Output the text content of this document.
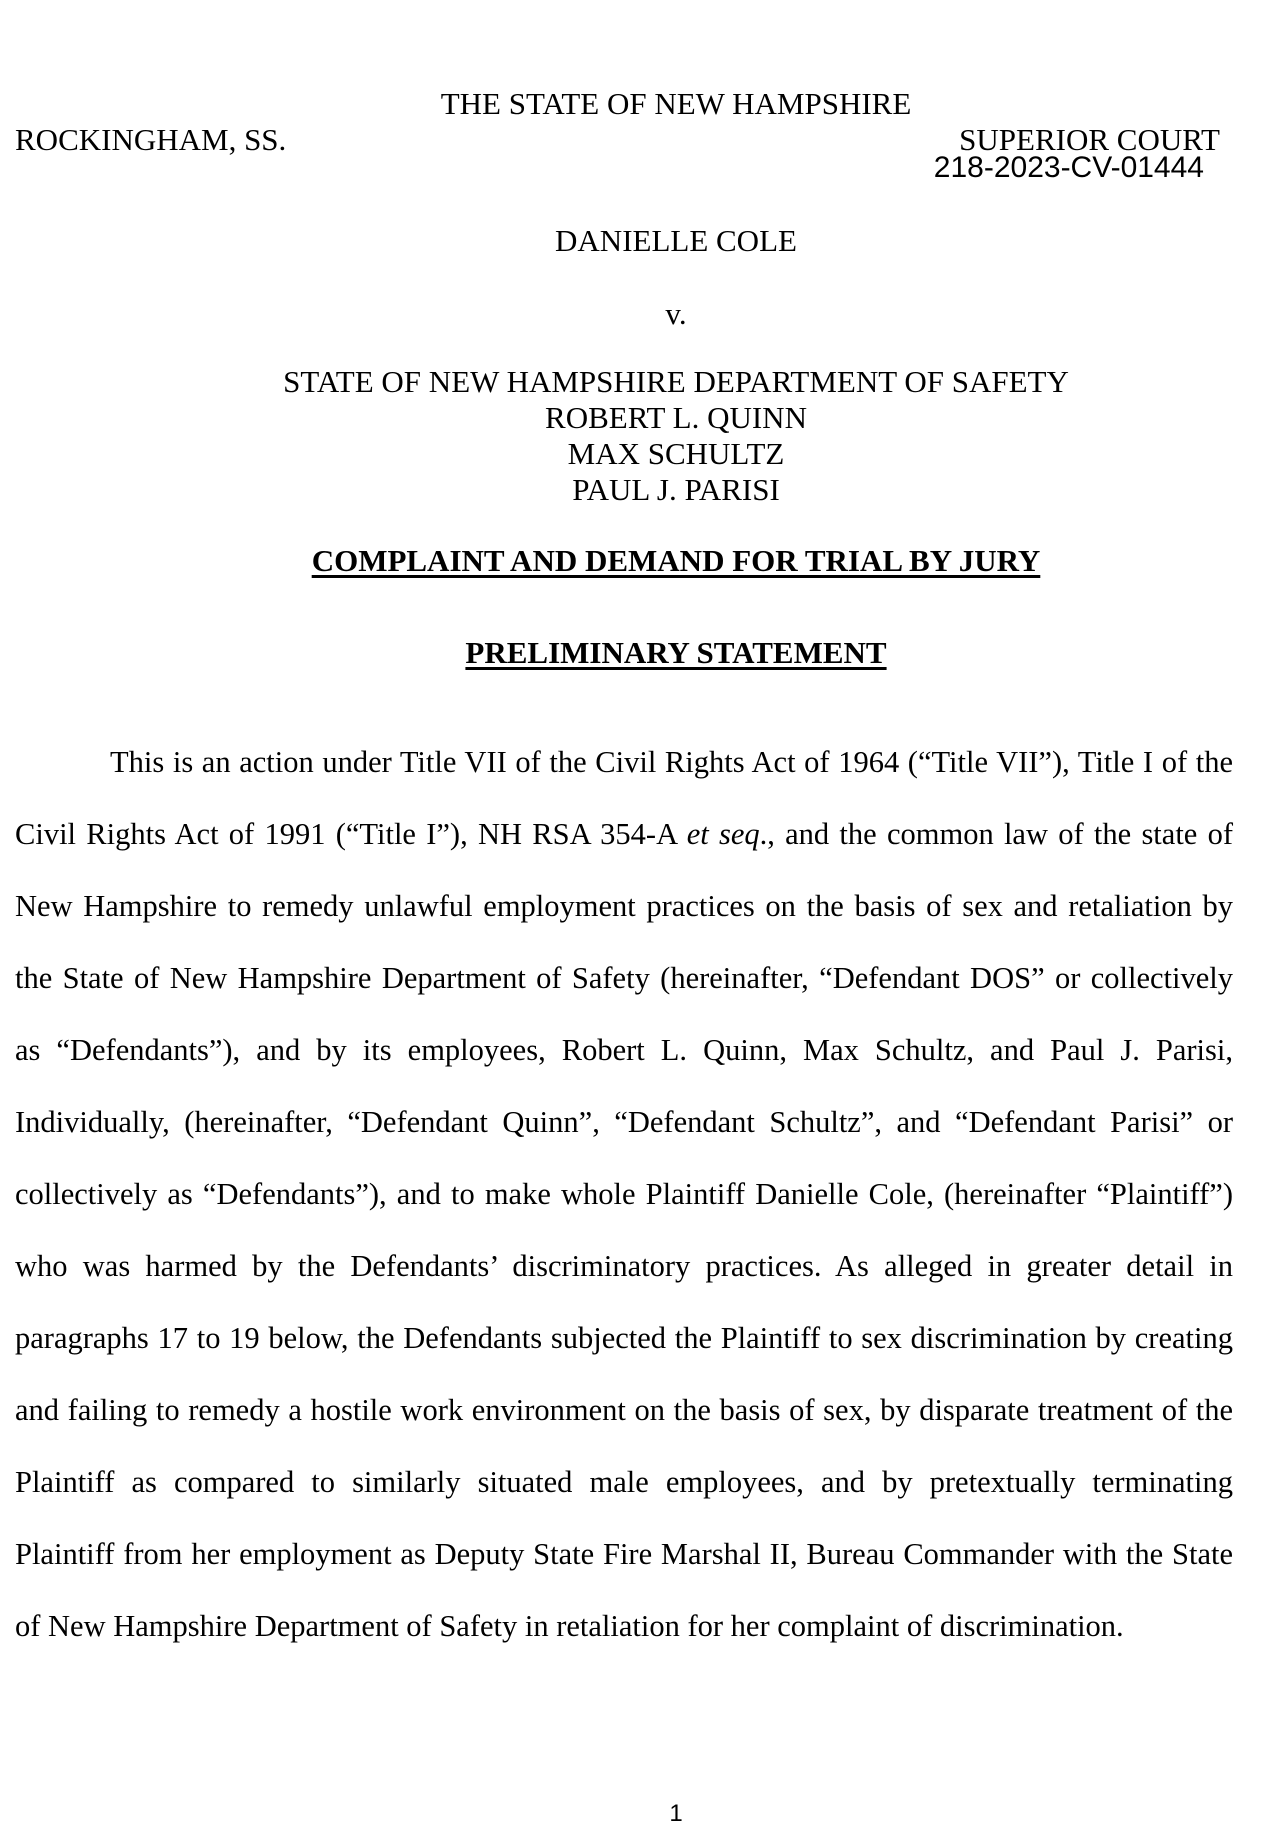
THE STATE OF NEW HAMPSHIRE
ROCKINGHAM, SS.	SUPERIOR COURT
218-2023-CV-01444
DANIELLE COLE
v.
STATE OF NEW HAMPSHIRE DEPARTMENT OF SAFETY
ROBERT L. QUINN
MAX SCHULTZ
PAUL J. PARISI
COMPLAINT AND DEMAND FOR TRIAL BY JURY
PRELIMINARY STATEMENT

This is an action under Title VII of the Civil Rights Act of 1964 (“Title VII”), Title I of the Civil Rights Act of 1991 (“Title I”), NH RSA 354-A et seq., and the common law of the state of New Hampshire to remedy unlawful employment practices on the basis of sex and retaliation by the State of New Hampshire Department of Safety (hereinafter, “Defendant DOS” or collectively as “Defendants”), and by its employees, Robert L. Quinn, Max Schultz, and Paul J. Parisi, Individually, (hereinafter, “Defendant Quinn”, “Defendant Schultz”, and “Defendant Parisi” or collectively as “Defendants”), and to make whole Plaintiff Danielle Cole, (hereinafter “Plaintiff”) who was harmed by the Defendants’ discriminatory practices. As alleged in greater detail in paragraphs 17 to 19 below, the Defendants subjected the Plaintiff to sex discrimination by creating and failing to remedy a hostile work environment on the basis of sex, by disparate treatment of the Plaintiff as compared to similarly situated male employees, and by pretextually terminating Plaintiff from her employment as Deputy State Fire Marshal II, Bureau Commander with the State of New Hampshire Department of Safety in retaliation for her complaint of discrimination.

1
